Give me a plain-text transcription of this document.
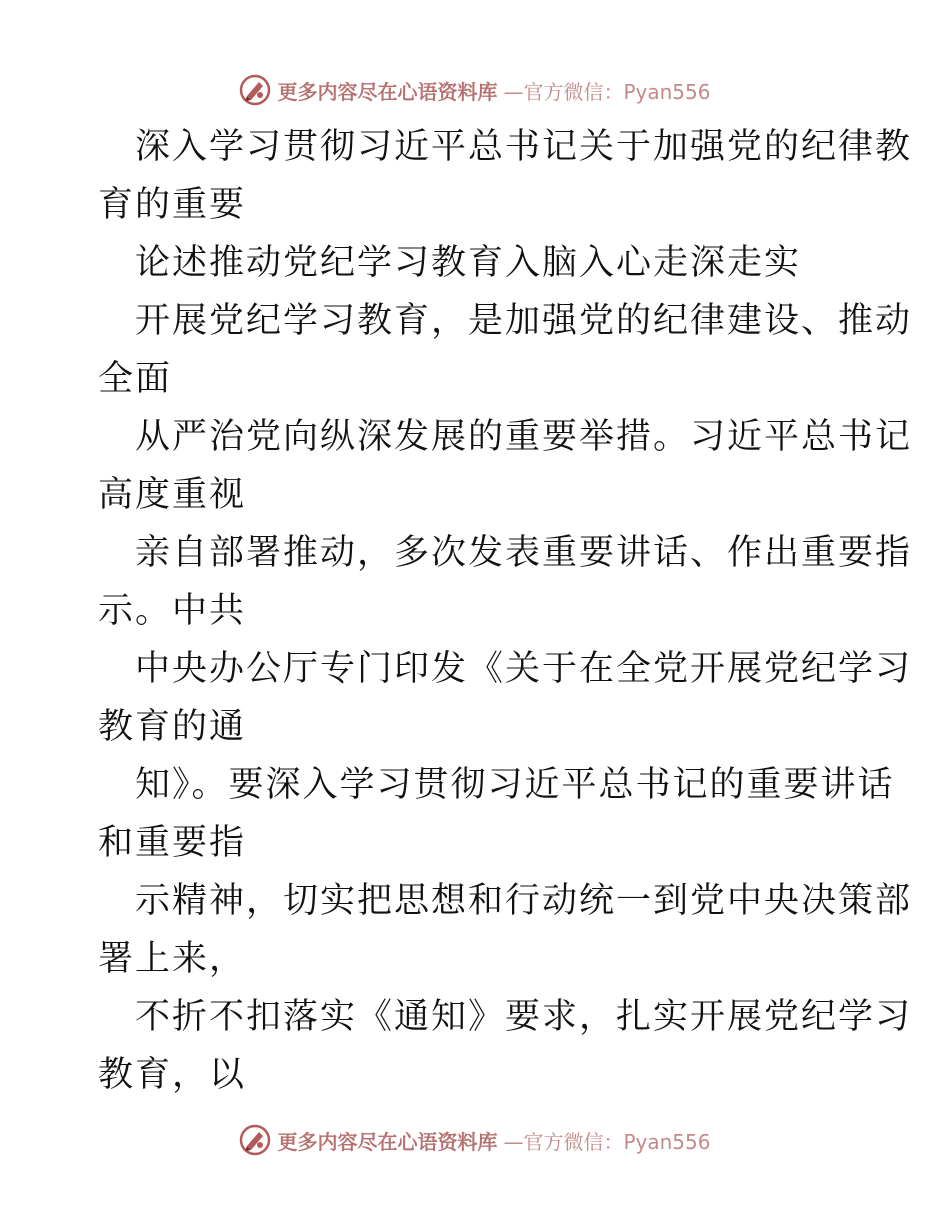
更多内容尽在心语资料库 —官方微信：Pyan556
深入学习贯彻习近平总书记关于加强党的纪律教
育的重要
论述推动党纪学习教育入脑入心走深走实
开展党纪学习教育，是加强党的纪律建设、推动
全面
从严治党向纵深发展的重要举措。习近平总书记
高度重视
亲自部署推动，多次发表重要讲话、作出重要指
示。中共
中央办公厅专门印发《关于在全党开展党纪学习
教育的通
知》。要深入学习贯彻习近平总书记的重要讲话
和重要指
示精神，切实把思想和行动统一到党中央决策部
署上来，
不折不扣落实《通知》要求，扎实开展党纪学习
教育，以
更多内容尽在心语资料库 —官方微信：Pyan556
